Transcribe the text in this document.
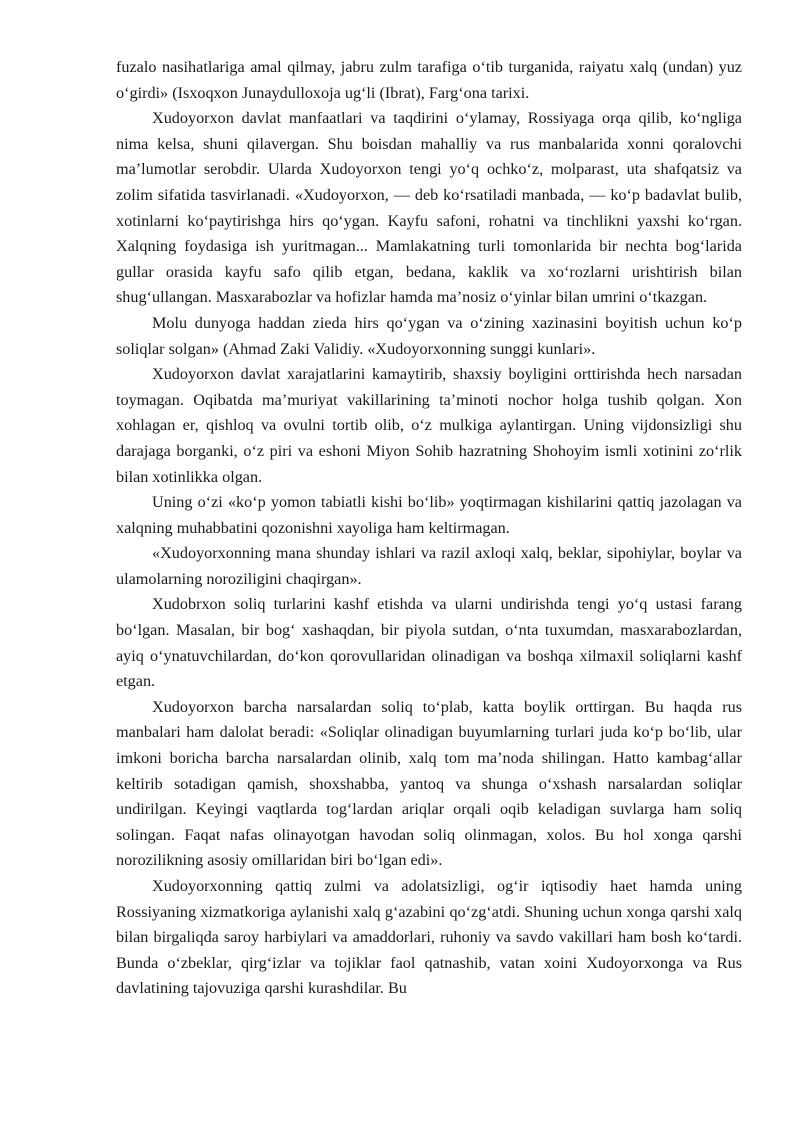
fuzalo nasihatlariga amal qilmay, jabru zulm tarafiga o‘tib turganida, raiyatu xalq (undan) yuz o‘girdi» (Isxoqxon Junaydulloxoja ug‘li (Ibrat), Farg‘ona tarixi.

Xudoyorxon davlat manfaatlari va taqdirini o‘ylamay, Rossiyaga orqa qilib, ko‘ngliga nima kelsa, shuni qilavergan. Shu boisdan mahalliy va rus manbalarida xonni qoralovchi ma’lumotlar serobdir. Ularda Xudoyorxon tengi yo‘q ochko‘z, molparast, uta shafqatsiz va zolim sifatida tasvirlanadi. «Xudoyorxon, — deb ko‘rsatiladi manbada, — ko‘p badavlat bulib, xotinlarni ko‘paytirishga hirs qo‘ygan. Kayfu safoni, rohatni va tinchlikni yaxshi ko‘rgan. Xalqning foydasiga ish yuritmagan... Mamlakatning turli tomonlarida bir nechta bog‘larida gullar orasida kayfu safo qilib etgan, bedana, kaklik va xo‘rozlarni urishtirish bilan shug‘ullangan. Masxarabozlar va hofizlar hamda ma’nosiz o‘yinlar bilan umrini o‘tkazgan.

Molu dunyoga haddan zieda hirs qo‘ygan va o‘zining xazinasini boyitish uchun ko‘p soliqlar solgan» (Ahmad Zaki Validiy. «Xudoyorxonning sunggi kunlari».

Xudoyorxon davlat xarajatlarini kamaytirib, shaxsiy boyligini orttirishda hech narsadan toymagan. Oqibatda ma’muriyat vakillarining ta’minoti nochor holga tushib qolgan. Xon xohlagan er, qishloq va ovulni tortib olib, o‘z mulkiga aylantirgan. Uning vijdonsizligi shu darajaga borganki, o‘z piri va eshoni Miyon Sohib hazratning Shohoyim ismli xotinini zo‘rlik bilan xotinlikka olgan.

Uning o‘zi «ko‘p yomon tabiatli kishi bo‘lib» yoqtirmagan kishilarini qattiq jazolagan va xalqning muhabbatini qozonishni xayoliga ham keltirmagan.

«Xudoyorxonning mana shunday ishlari va razil axloqi xalq, beklar, sipohiylar, boylar va ulamolarning noroziligini chaqirgan».

Xudobrxon soliq turlarini kashf etishda va ularni undirishda tengi yo‘q ustasi farang bo‘lgan. Masalan, bir bog‘ xashaqdan, bir piyola sutdan, o‘nta tuxumdan, masxarabozlardan, ayiq o‘ynatuvchilardan, do‘kon qorovullaridan olinadigan va boshqa xilmaxil soliqlarni kashf etgan.

Xudoyorxon barcha narsalardan soliq to‘plab, katta boylik orttirgan. Bu haqda rus manbalari ham dalolat beradi: «Soliqlar olinadigan buyumlarning turlari juda ko‘p bo‘lib, ular imkoni boricha barcha narsalardan olinib, xalq tom ma’noda shilingan. Hatto kambag‘allar keltirib sotadigan qamish, shoxshabba, yantoq va shunga o‘xshash narsalardan soliqlar undirilgan. Keyingi vaqtlarda tog‘lardan ariqlar orqali oqib keladigan suvlarga ham soliq solingan. Faqat nafas olinayotgan havodan soliq olinmagan, xolos. Bu hol xonga qarshi norozilikning asosiy omillaridan biri bo‘lgan edi».

Xudoyorxonning qattiq zulmi va adolatsizligi, og‘ir iqtisodiy haet hamda uning Rossiyaning xizmatkoriga aylanishi xalq g‘azabini qo‘zg‘atdi. Shuning uchun xonga qarshi xalq bilan birgaliqda saroy harbiylari va amaddorlari, ruhoniy va savdo vakillari ham bosh ko‘tardi. Bunda o‘zbeklar, qirg‘izlar va tojiklar faol qatnashib, vatan xoini Xudoyorxonga va Rus davlatining tajovuziga qarshi kurashdilar. Bu
